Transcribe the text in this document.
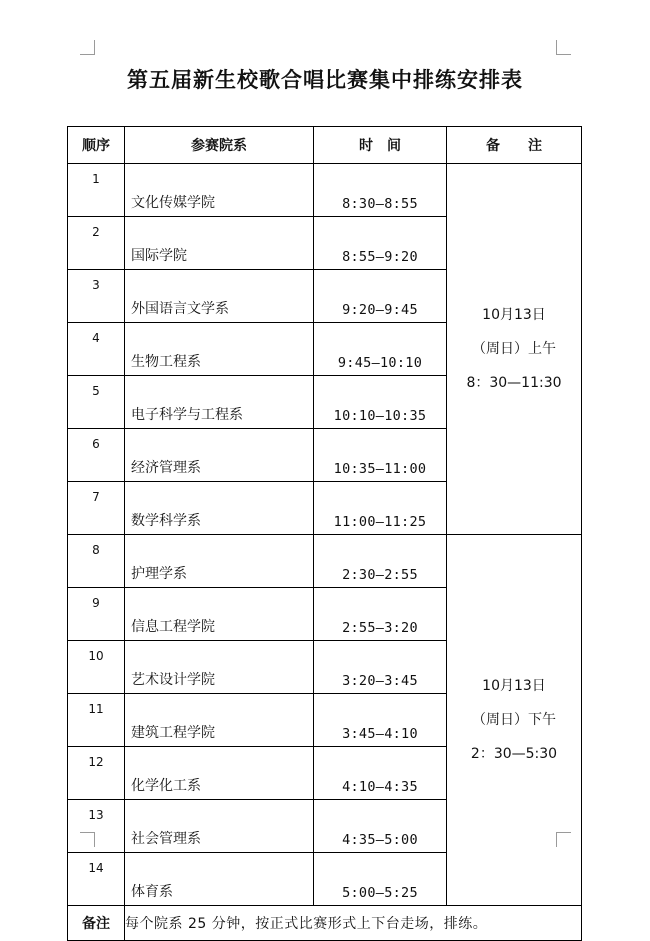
第五届新生校歌合唱比赛集中排练安排表
顺序	参赛院系	时　间	备　　注
1	文化传媒学院	8:30—8:55	10月13日
（周日）上午
8：30—11:30

2	国际学院	8:55—9:20	
3	外国语言文学系	9:20—9:45	
4	生物工程系	9:45—10:10	
5	电子科学与工程系	10:10—10:35	
6	经济管理系	10:35—11:00	
7	数学科学系	11:00—11:25	
8	护理学系	2:30—2:55	10月13日
（周日）下午
2：30—5:30

9	信息工程学院	2:55—3:20	
10	艺术设计学院	3:20—3:45	
11	建筑工程学院	3:45—4:10	
12	化学化工系	4:10—4:35	
13	社会管理系	4:35—5:00	
14	体育系	5:00—5:25	
备注	每个院系 25 分钟，按正式比赛形式上下台走场，排练。		
